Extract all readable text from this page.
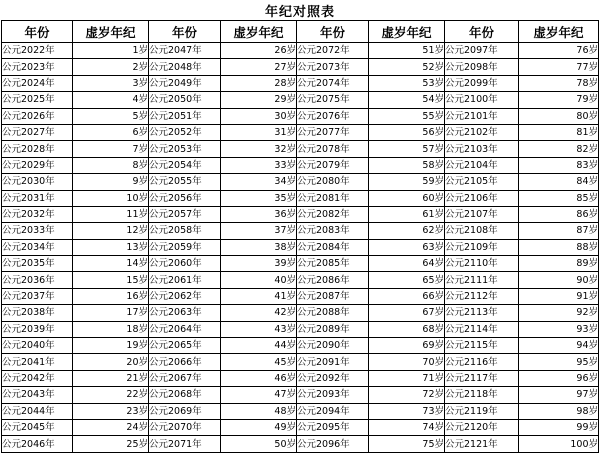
年纪对照表
年份	虚岁年纪	年份	虚岁年纪	年份	虚岁年纪	年份	虚岁年纪
公元2022年	1岁	公元2047年	26岁	公元2072年	51岁	公元2097年	76岁
公元2023年	2岁	公元2048年	27岁	公元2073年	52岁	公元2098年	77岁
公元2024年	3岁	公元2049年	28岁	公元2074年	53岁	公元2099年	78岁
公元2025年	4岁	公元2050年	29岁	公元2075年	54岁	公元2100年	79岁
公元2026年	5岁	公元2051年	30岁	公元2076年	55岁	公元2101年	80岁
公元2027年	6岁	公元2052年	31岁	公元2077年	56岁	公元2102年	81岁
公元2028年	7岁	公元2053年	32岁	公元2078年	57岁	公元2103年	82岁
公元2029年	8岁	公元2054年	33岁	公元2079年	58岁	公元2104年	83岁
公元2030年	9岁	公元2055年	34岁	公元2080年	59岁	公元2105年	84岁
公元2031年	10岁	公元2056年	35岁	公元2081年	60岁	公元2106年	85岁
公元2032年	11岁	公元2057年	36岁	公元2082年	61岁	公元2107年	86岁
公元2033年	12岁	公元2058年	37岁	公元2083年	62岁	公元2108年	87岁
公元2034年	13岁	公元2059年	38岁	公元2084年	63岁	公元2109年	88岁
公元2035年	14岁	公元2060年	39岁	公元2085年	64岁	公元2110年	89岁
公元2036年	15岁	公元2061年	40岁	公元2086年	65岁	公元2111年	90岁
公元2037年	16岁	公元2062年	41岁	公元2087年	66岁	公元2112年	91岁
公元2038年	17岁	公元2063年	42岁	公元2088年	67岁	公元2113年	92岁
公元2039年	18岁	公元2064年	43岁	公元2089年	68岁	公元2114年	93岁
公元2040年	19岁	公元2065年	44岁	公元2090年	69岁	公元2115年	94岁
公元2041年	20岁	公元2066年	45岁	公元2091年	70岁	公元2116年	95岁
公元2042年	21岁	公元2067年	46岁	公元2092年	71岁	公元2117年	96岁
公元2043年	22岁	公元2068年	47岁	公元2093年	72岁	公元2118年	97岁
公元2044年	23岁	公元2069年	48岁	公元2094年	73岁	公元2119年	98岁
公元2045年	24岁	公元2070年	49岁	公元2095年	74岁	公元2120年	99岁
公元2046年	25岁	公元2071年	50岁	公元2096年	75岁	公元2121年	100岁
